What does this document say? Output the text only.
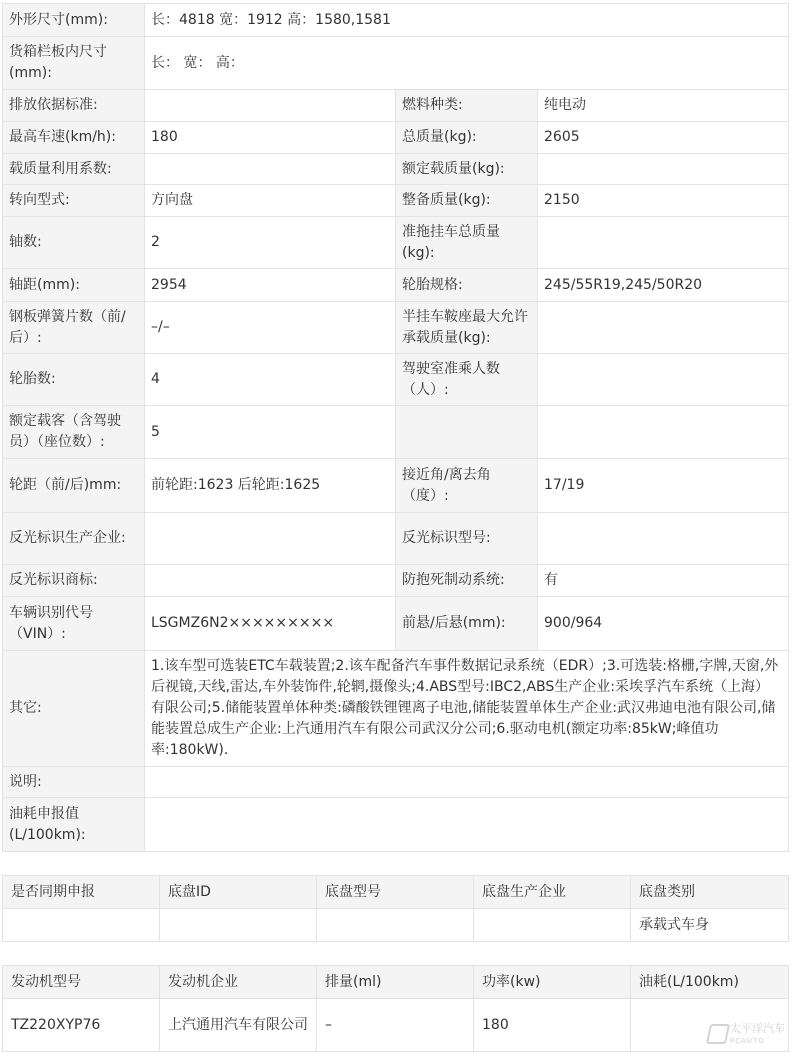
外形尺寸(mm):	长：4818 宽：1912 高：1580,1581		
货箱栏板内尺寸(mm):	长： 宽： 高：		
排放依据标准:		燃料种类:	纯电动
最高车速(km/h):	180	总质量(kg):	2605
载质量利用系数:		额定载质量(kg):	
转向型式:	方向盘	整备质量(kg):	2150
轴数:	2	准拖挂车总质量(kg):	
轴距(mm):	2954	轮胎规格:	245/55R19,245/50R20
钢板弹簧片数（前/后）:	–/–	半挂车鞍座最大允许承载质量(kg):	
轮胎数:	4	驾驶室准乘人数（人）:	
额定载客（含驾驶员）（座位数）:	5		
轮距（前/后)mm:	前轮距:1623 后轮距:1625	接近角/离去角（度）:	17/19
反光标识生产企业:		反光标识型号:	
反光标识商标:		防抱死制动系统:	有
车辆识别代号（VIN）:	LSGMZ6N2×××××××××	前悬/后悬(mm):	900/964
其它:	1.该车型可选装ETC车载装置;2.该车配备汽车事件数据记录系统（EDR）;3.可选装:格栅,字牌,天窗,外后视镜,天线,雷达,车外装饰件,轮辋,摄像头;4.ABS型号:IBC2,ABS生产企业:采埃孚汽车系统（上海）有限公司;5.储能装置单体种类:磷酸铁锂锂离子电池,储能装置单体生产企业:武汉弗迪电池有限公司,储能装置总成生产企业:上汽通用汽车有限公司武汉分公司;6.驱动电机(额定功率:85kW;峰值功率:180kW).		
说明:			
油耗申报值(L/100km):			
是否同期申报	底盘ID	底盘型号	底盘生产企业	底盘类别
				承载式车身
发动机型号	发动机企业	排量(ml)	功率(kw)	油耗(L/100km)
TZ220XYP76	上汽通用汽车有限公司	–	180		太平洋汽车
PCAUTO
